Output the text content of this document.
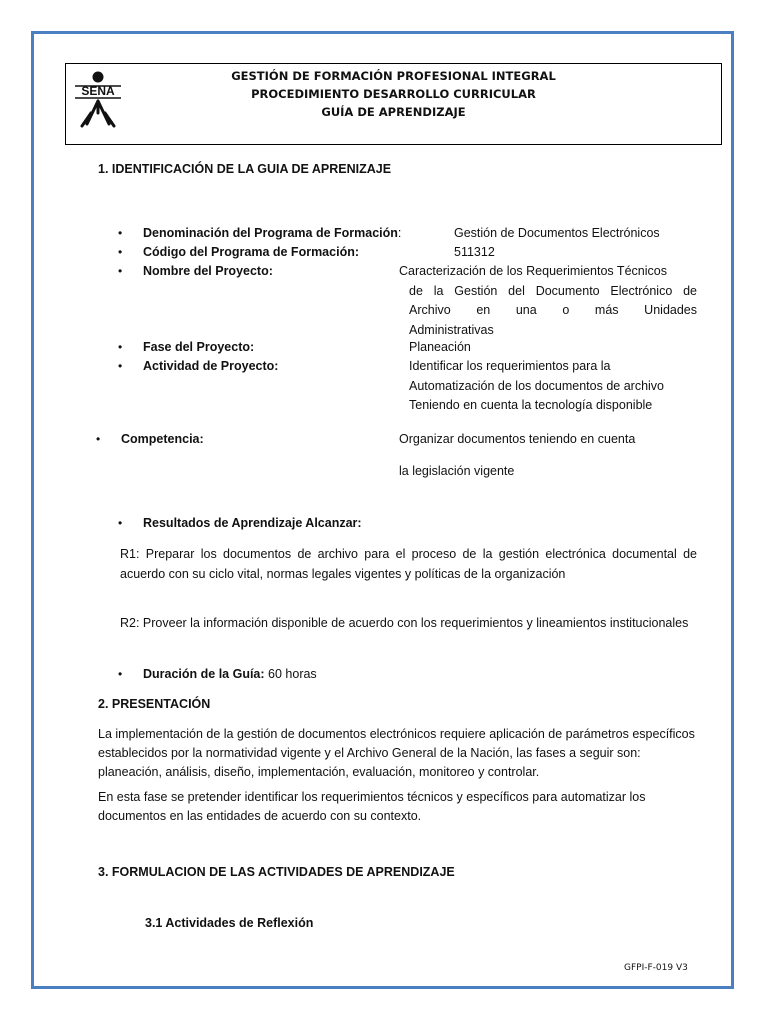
SENA
GESTIÓN DE FORMACIÓN PROFESIONAL INTEGRAL
PROCEDIMIENTO DESARROLLO CURRICULAR
GUÍA DE APRENDIZAJE
1. IDENTIFICACIÓN DE LA GUIA DE APRENIZAJE
• Denominación del Programa de Formación:	Gestión de Documentos Electrónicos
• Código del Programa de Formación:	511312
• Nombre del Proyecto:	Caracterización de los Requerimientos Técnicos
de la Gestión del Documento Electrónico de
Archivo en una o más Unidades
Administrativas
• Fase del Proyecto:	Planeación
• Actividad de Proyecto:	Identificar los requerimientos para la
Automatización de los documentos de archivo
Teniendo en cuenta la tecnología disponible
• Competencia:	Organizar documentos teniendo en cuenta
la legislación vigente
• Resultados de Aprendizaje Alcanzar:
R1: Preparar los documentos de archivo para el proceso de la gestión electrónica documental de acuerdo con su ciclo vital, normas legales vigentes y políticas de la organización
R2: Proveer la información disponible de acuerdo con los requerimientos y lineamientos institucionales
• Duración de la Guía: 60 horas
2. PRESENTACIÓN
La implementación de la gestión de documentos electrónicos requiere aplicación de parámetros específicos establecidos por la normatividad vigente y el Archivo General de la Nación, las fases a seguir son: planeación, análisis, diseño, implementación, evaluación, monitoreo y controlar.
En esta fase se pretender identificar los requerimientos técnicos y específicos para automatizar los documentos en las entidades de acuerdo con su contexto.
3. FORMULACION DE LAS ACTIVIDADES DE APRENDIZAJE
3.1 Actividades de Reflexión
GFPI-F-019 V3
